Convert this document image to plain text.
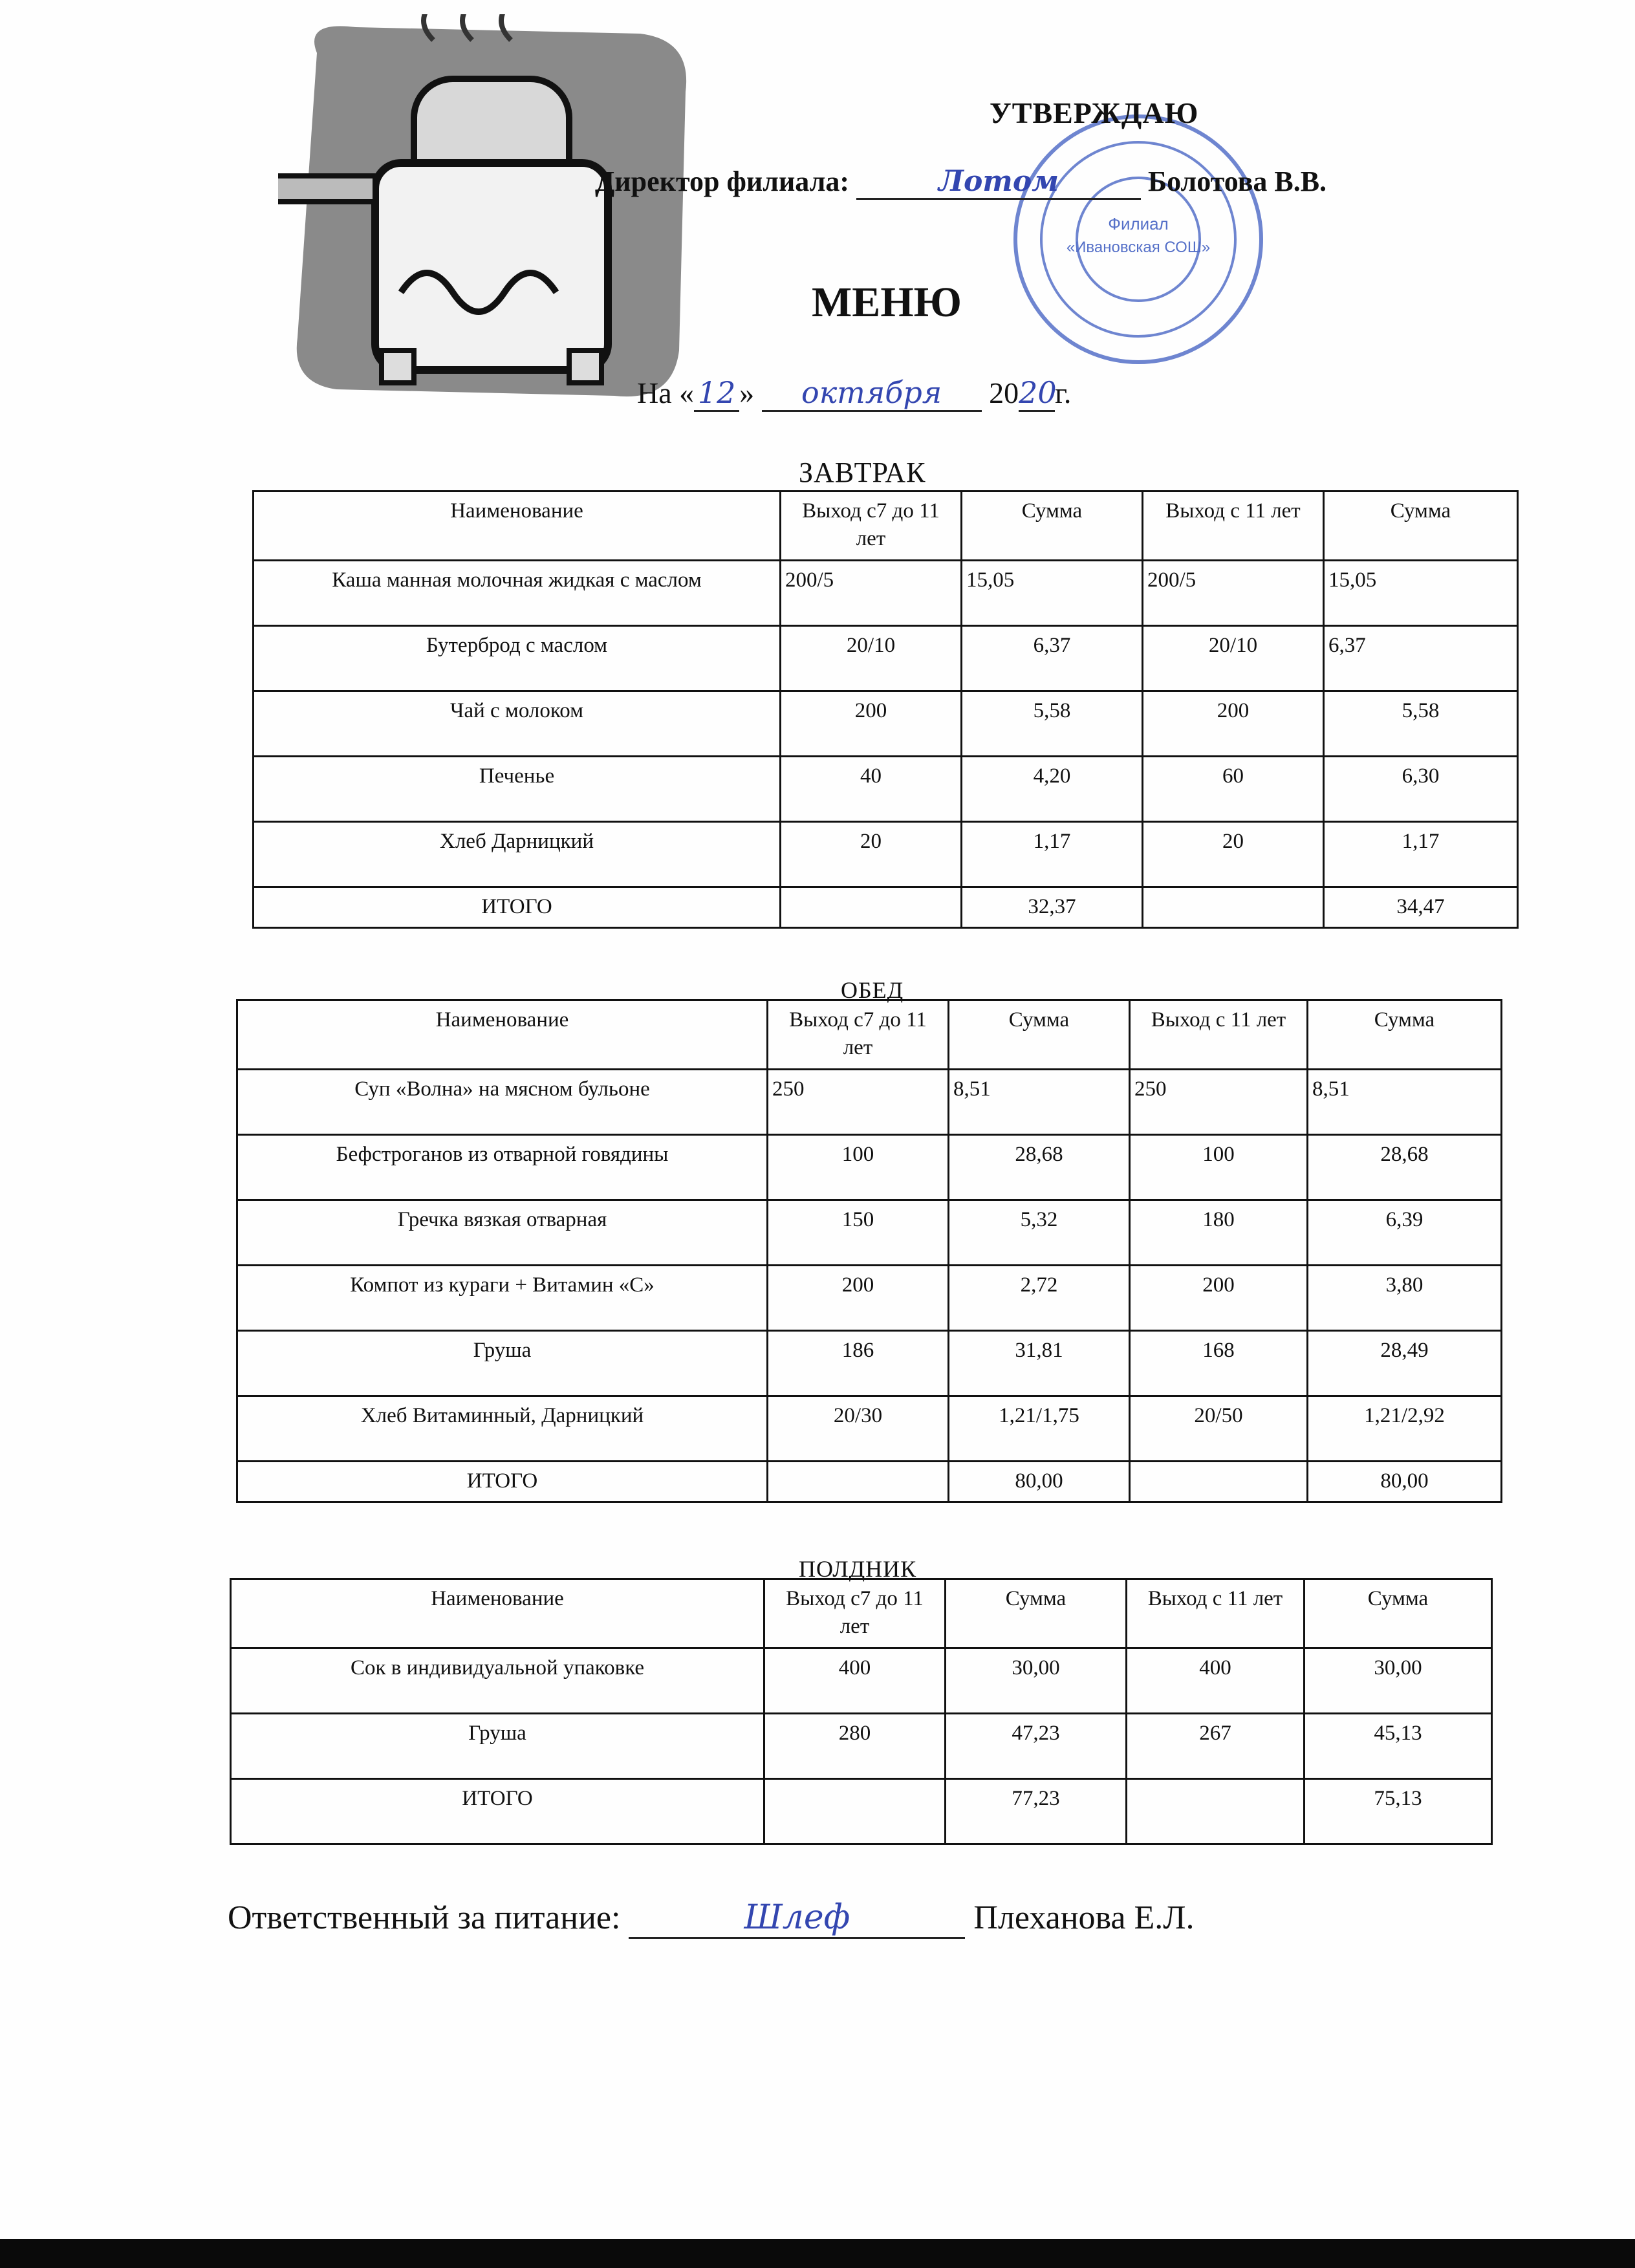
Филиал
«Ивановская СОШ»
УТВЕРЖДАЮ
Директор филиала:	Лотом	Болотова В.В.
МЕНЮ
На « 12 » октября 2020г.
ЗАВТРАК
Наименование	Выход с7 до 11 лет	Сумма	Выход с 11 лет	Сумма
Каша манная молочная жидкая с маслом	200/5	15,05	200/5	15,05
Бутерброд с маслом	20/10	6,37	20/10	6,37
Чай с молоком	200	5,58	200	5,58
Печенье	40	4,20	60	6,30
Хлеб Дарницкий	20	1,17	20	1,17
ИТОГО		32,37		34,47
ОБЕД
Наименование	Выход с7 до 11 лет	Сумма	Выход с 11 лет	Сумма
Суп «Волна» на мясном бульоне	250	8,51	250	8,51
Бефстроганов из отварной говядины	100	28,68	100	28,68
Гречка вязкая отварная	150	5,32	180	6,39
Компот из кураги + Витамин «С»	200	2,72	200	3,80
Груша	186	31,81	168	28,49
Хлеб Витаминный, Дарницкий	20/30	1,21/1,75	20/50	1,21/2,92
ИТОГО		80,00		80,00
ПОЛДНИК
Наименование	Выход с7 до 11 лет	Сумма	Выход с 11 лет	Сумма
Сок в индивидуальной упаковке	400	30,00	400	30,00
Груша	280	47,23	267	45,13
ИТОГО		77,23		75,13
Ответственный за питание:	Шлеф	Плеханова Е.Л.
